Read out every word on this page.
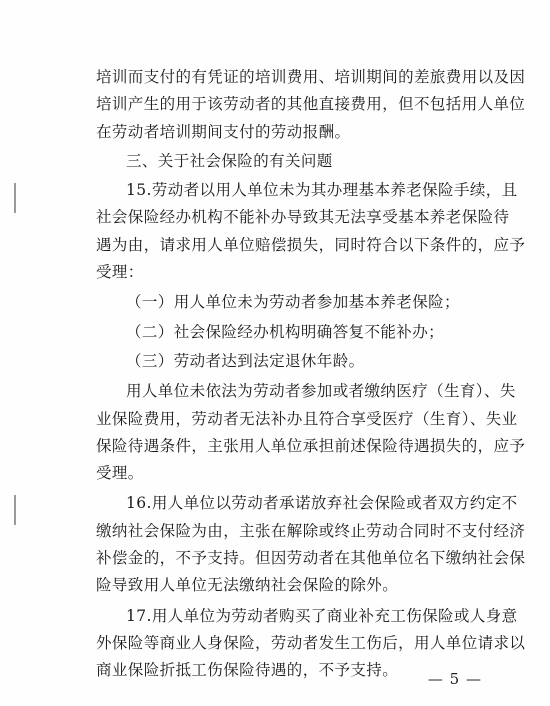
培训而支付的有凭证的培训费用、培训期间的差旅费用以及因
培训产生的用于该劳动者的其他直接费用，但不包括用人单位
在劳动者培训期间支付的劳动报酬。
三、关于社会保险的有关问题
15.劳动者以用人单位未为其办理基本养老保险手续，且
社会保险经办机构不能补办导致其无法享受基本养老保险待
遇为由，请求用人单位赔偿损失，同时符合以下条件的，应予
受理：
（一）用人单位未为劳动者参加基本养老保险；
（二）社会保险经办机构明确答复不能补办；
（三）劳动者达到法定退休年龄。
用人单位未依法为劳动者参加或者缴纳医疗（生育）、失
业保险费用，劳动者无法补办且符合享受医疗（生育）、失业
保险待遇条件，主张用人单位承担前述保险待遇损失的，应予
受理。
16.用人单位以劳动者承诺放弃社会保险或者双方约定不
缴纳社会保险为由，主张在解除或终止劳动合同时不支付经济
补偿金的，不予支持。但因劳动者在其他单位名下缴纳社会保
险导致用人单位无法缴纳社会保险的除外。
17.用人单位为劳动者购买了商业补充工伤保险或人身意
外保险等商业人身保险，劳动者发生工伤后，用人单位请求以
商业保险折抵工伤保险待遇的，不予支持。	— 5 —
